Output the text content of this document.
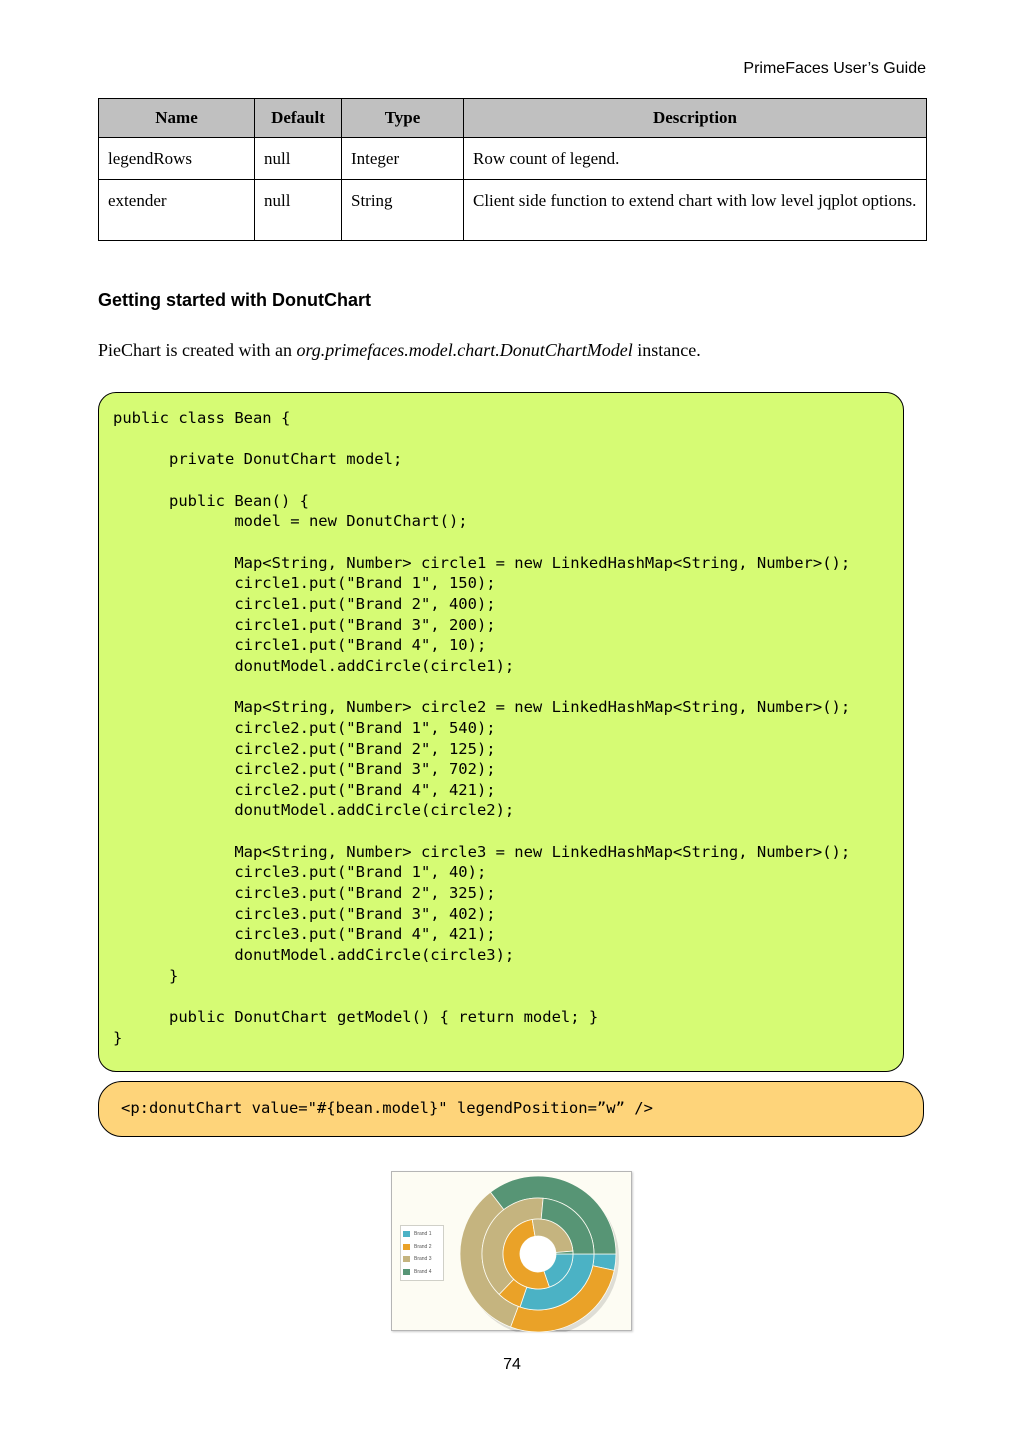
PrimeFaces User’s Guide
Name	Default	Type	Description
legendRows	null	Integer	Row count of legend.
extender	null	String	Client side function to extend chart with low level jqplot options.
Getting started with DonutChart

PieChart is created with an org.primefaces.model.chart.DonutChartModel instance.

public class Bean {

private DonutChart model;

public Bean() {
model = new DonutChart();

Map<String, Number> circle1 = new LinkedHashMap<String, Number>();
circle1.put("Brand 1", 150);
circle1.put("Brand 2", 400);
circle1.put("Brand 3", 200);
circle1.put("Brand 4", 10);
donutModel.addCircle(circle1);

Map<String, Number> circle2 = new LinkedHashMap<String, Number>();
circle2.put("Brand 1", 540);
circle2.put("Brand 2", 125);
circle2.put("Brand 3", 702);
circle2.put("Brand 4", 421);
donutModel.addCircle(circle2);

Map<String, Number> circle3 = new LinkedHashMap<String, Number>();
circle3.put("Brand 1", 40);
circle3.put("Brand 2", 325);
circle3.put("Brand 3", 402);
circle3.put("Brand 4", 421);
donutModel.addCircle(circle3);
}

public DonutChart getModel() { return model; }
}
<p:donutChart value="#{bean.model}" legendPosition=”w” />
Brand 1
Brand 2
Brand 3
Brand 4
74
